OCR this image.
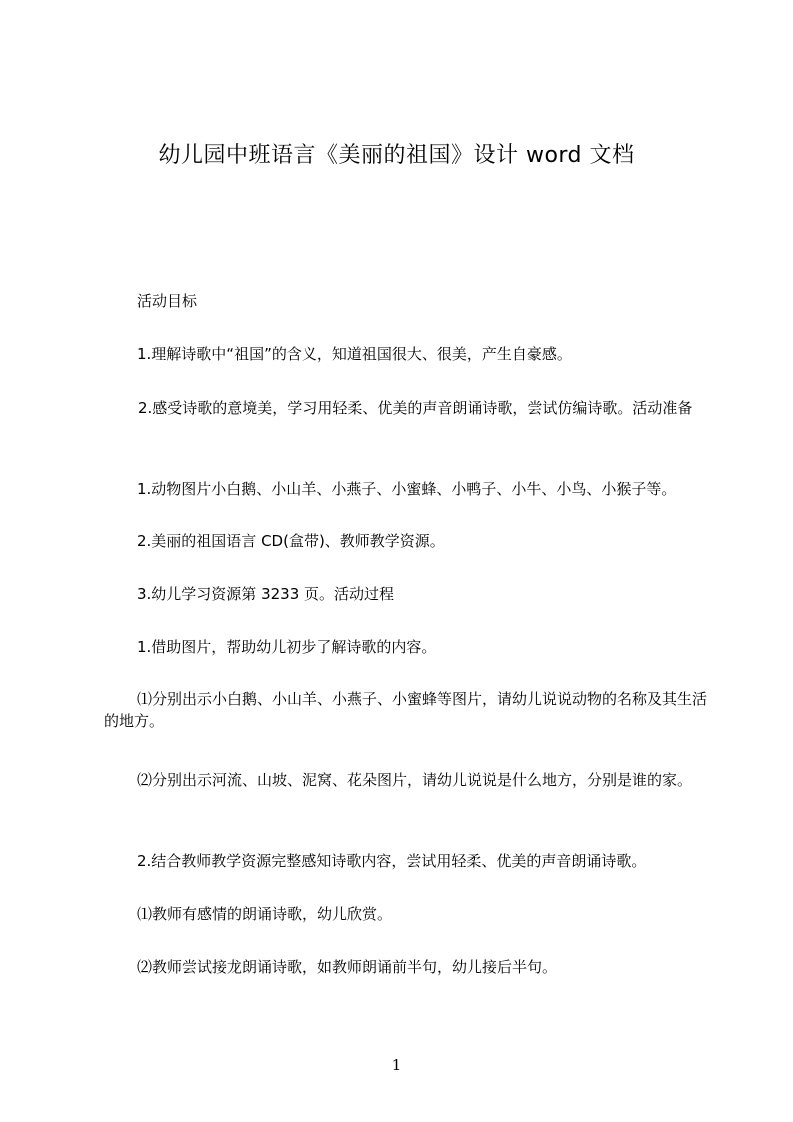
幼儿园中班语言《美丽的祖国》设计 word 文档

活动目标

1.理解诗歌中“祖国”的含义，知道祖国很大、很美，产生自豪感。

2.感受诗歌的意境美，学习用轻柔、优美的声音朗诵诗歌，尝试仿编诗歌。活动准备

1.动物图片小白鹅、小山羊、小燕子、小蜜蜂、小鸭子、小牛、小鸟、小猴子等。

2.美丽的祖国语言 CD(盒带)、教师教学资源。

3.幼儿学习资源第 3233 页。活动过程

1.借助图片，帮助幼儿初步了解诗歌的内容。

⑴分别出示小白鹅、小山羊、小燕子、小蜜蜂等图片，请幼儿说说动物的名称及其生活的地方。

⑵分别出示河流、山坡、泥窝、花朵图片，请幼儿说说是什么地方，分别是谁的家。

2.结合教师教学资源完整感知诗歌内容，尝试用轻柔、优美的声音朗诵诗歌。

⑴教师有感情的朗诵诗歌，幼儿欣赏。

⑵教师尝试接龙朗诵诗歌，如教师朗诵前半句，幼儿接后半句。

1
